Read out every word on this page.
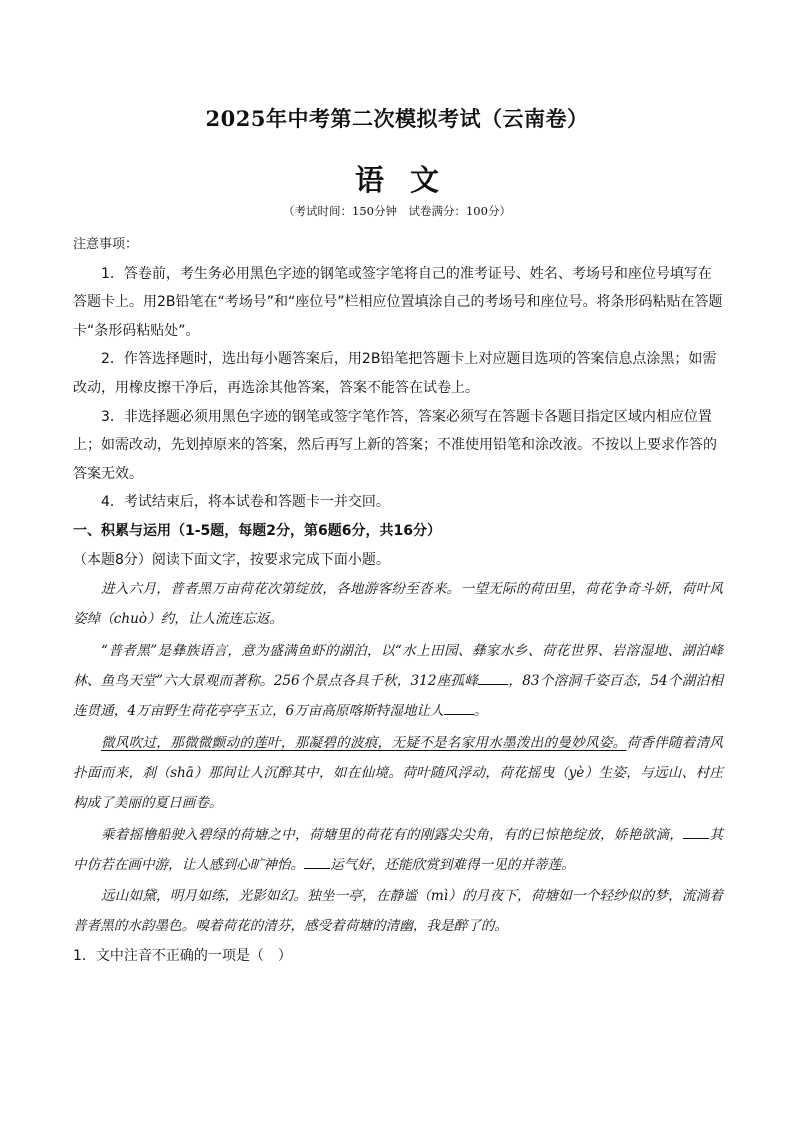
2025年中考第二次模拟考试（云南卷）
语文
（考试时间：150分钟　试卷满分：100分）

注意事项：

1．答卷前，考生务必用黑色字迹的钢笔或签字笔将自己的准考证号、姓名、考场号和座位号填写在答题卡上。用2B铅笔在“考场号”和“座位号”栏相应位置填涂自己的考场号和座位号。将条形码粘贴在答题卡“条形码粘贴处”。

2．作答选择题时，选出每小题答案后，用2B铅笔把答题卡上对应题目选项的答案信息点涂黑；如需改动，用橡皮擦干净后，再选涂其他答案，答案不能答在试卷上。

3．非选择题必须用黑色字迹的钢笔或签字笔作答，答案必须写在答题卡各题目指定区域内相应位置上；如需改动，先划掉原来的答案，然后再写上新的答案；不准使用铅笔和涂改液。不按以上要求作答的答案无效。

4．考试结束后，将本试卷和答题卡一并交回。

一、积累与运用（1-5题，每题2分，第6题6分，共16分）

（本题8分）阅读下面文字，按要求完成下面小题。

进入六月，普者黑万亩荷花次第绽放，各地游客纷至沓来。一望无际的荷田里，荷花争奇斗妍，荷叶风姿绰（chuò）约，让人流连忘返。

“普者黑”是彝族语言，意为盛满鱼虾的湖泊，以“水上田园、彝家水乡、荷花世界、岩溶湿地、湖泊峰林、鱼鸟天堂”六大景观而著称。256个景点各具千秋，312座孤峰 ，83个溶洞千姿百态，54个湖泊相连贯通，4万亩野生荷花亭亭玉立，6万亩高原喀斯特湿地让人 。

微风吹过，那微微颤动的莲叶，那凝碧的波痕，无疑不是名家用水墨泼出的曼妙风姿。荷香伴随着清风扑面而来，刹（shā）那间让人沉醉其中，如在仙境。荷叶随风浮动，荷花摇曳（yè）生姿，与远山、村庄构成了美丽的夏日画卷。

乘着摇橹船驶入碧绿的荷塘之中，荷塘里的荷花有的刚露尖尖角，有的已惊艳绽放，娇艳欲滴， 其中仿若在画中游，让人感到心旷神怡。 运气好，还能欣赏到难得一见的并蒂莲。

远山如黛，明月如练，光影如幻。独坐一亭，在静谧（mì）的月夜下，荷塘如一个轻纱似的梦，流淌着普者黑的水韵墨色。嗅着荷花的清芬，感受着荷塘的清幽，我是醉了的。

1．文中注音不正确的一项是（　）
